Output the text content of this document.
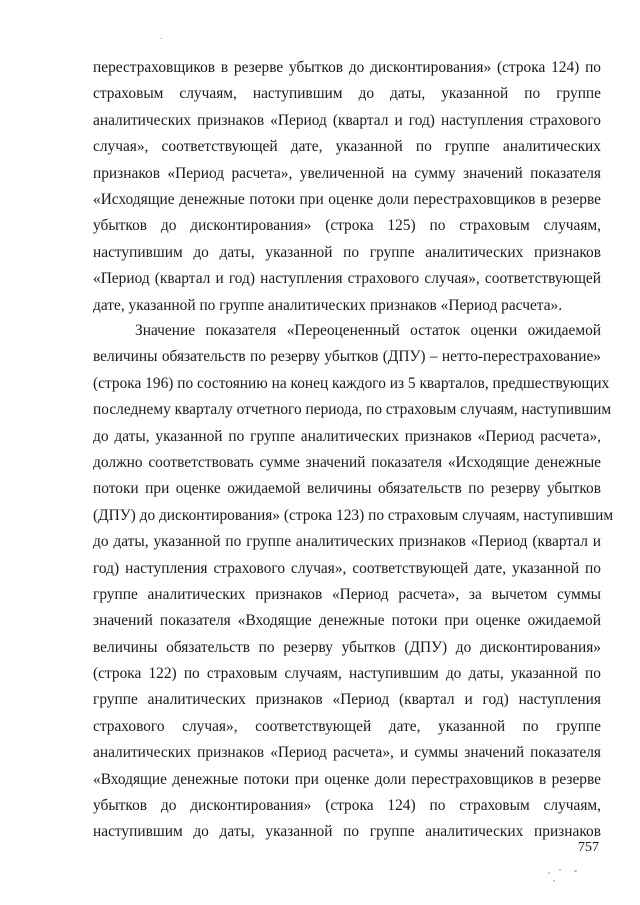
перестраховщиков в резерве убытков до дисконтирования» (строка 124) по
страховым случаям, наступившим до даты, указанной по группе
аналитических признаков «Период (квартал и год) наступления страхового
случая», соответствующей дате, указанной по группе аналитических
признаков «Период расчета», увеличенной на сумму значений показателя
«Исходящие денежные потоки при оценке доли перестраховщиков в резерве
убытков до дисконтирования» (строка 125) по страховым случаям,
наступившим до даты, указанной по группе аналитических признаков
«Период (квартал и год) наступления страхового случая», соответствующей
дате, указанной по группе аналитических признаков «Период расчета».
Значение показателя «Переоцененный остаток оценки ожидаемой
величины обязательств по резерву убытков (ДПУ) – нетто-перестрахование»
(строка 196) по состоянию на конец каждого из 5 кварталов, предшествующих
последнему кварталу отчетного периода, по страховым случаям, наступившим
до даты, указанной по группе аналитических признаков «Период расчета»,
должно соответствовать сумме значений показателя «Исходящие денежные
потоки при оценке ожидаемой величины обязательств по резерву убытков
(ДПУ) до дисконтирования» (строка 123) по страховым случаям, наступившим
до даты, указанной по группе аналитических признаков «Период (квартал и
год) наступления страхового случая», соответствующей дате, указанной по
группе аналитических признаков «Период расчета», за вычетом суммы
значений показателя «Входящие денежные потоки при оценке ожидаемой
величины обязательств по резерву убытков (ДПУ) до дисконтирования»
(строка 122) по страховым случаям, наступившим до даты, указанной по
группе аналитических признаков «Период (квартал и год) наступления
страхового случая», соответствующей дате, указанной по группе
аналитических признаков «Период расчета», и суммы значений показателя
«Входящие денежные потоки при оценке доли перестраховщиков в резерве
убытков до дисконтирования» (строка 124) по страховым случаям,
наступившим до даты, указанной по группе аналитических признаков
757
